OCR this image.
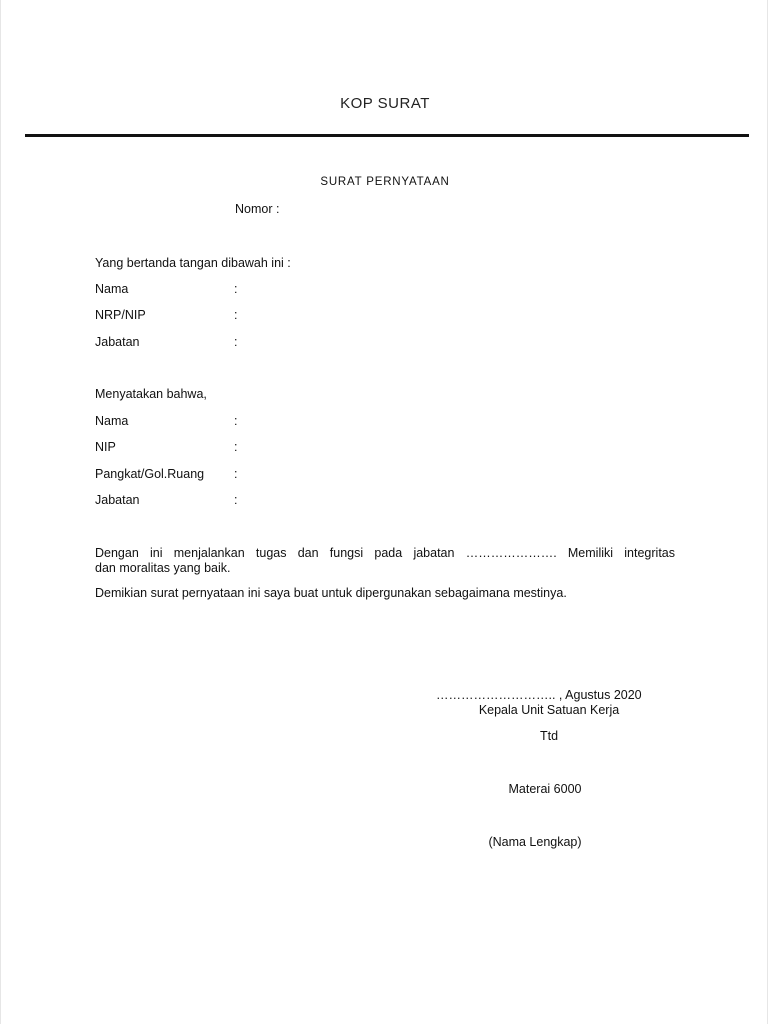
KOP SURAT
SURAT PERNYATAAN
Nomor :
Yang bertanda tangan dibawah ini :
Nama	:
NRP/NIP	:
Jabatan	:
Menyatakan bahwa,
Nama	:
NIP	:
Pangkat/Gol.Ruang :
Jabatan	:
Dengan ini menjalankan tugas dan fungsi pada jabatan …………………. Memiliki integritas
dan moralitas yang baik.
Demikian surat pernyataan ini saya buat untuk dipergunakan sebagaimana mestinya.
……………………….. , Agustus 2020
Kepala Unit Satuan Kerja
Ttd
Materai 6000
(Nama Lengkap)
